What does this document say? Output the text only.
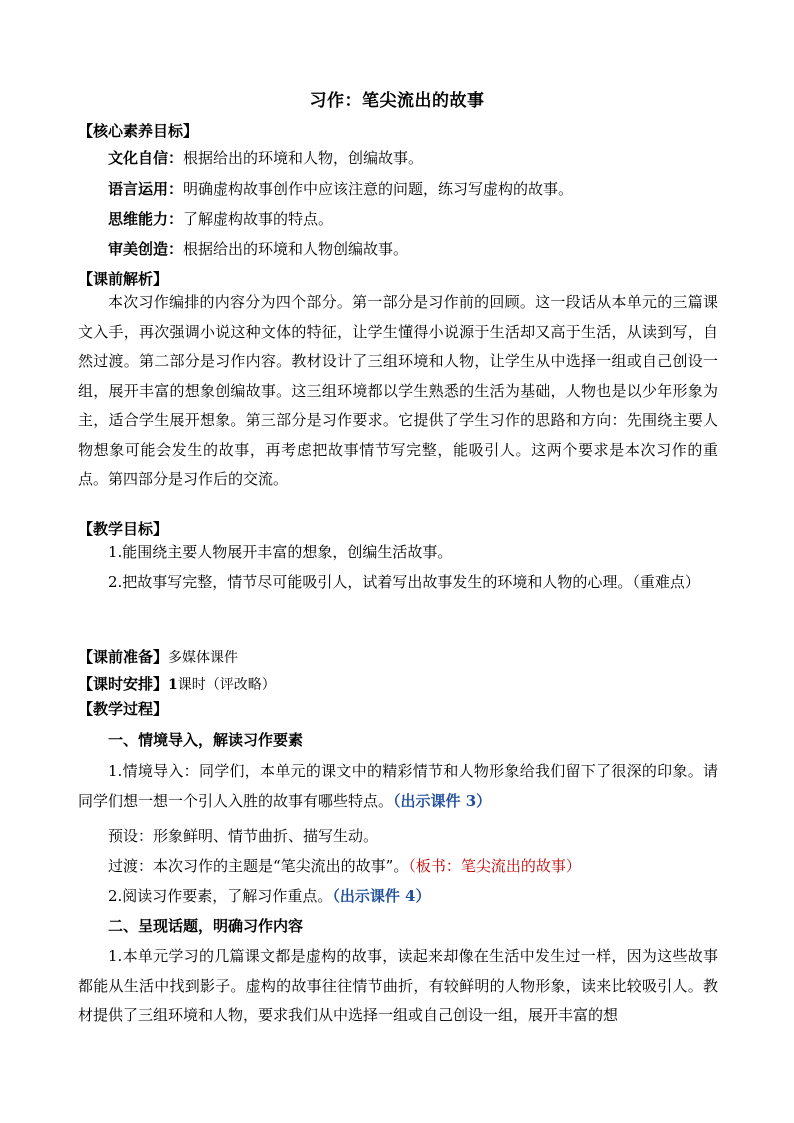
习作：笔尖流出的故事
【核心素养目标】
文化自信：根据给出的环境和人物，创编故事。
语言运用：明确虚构故事创作中应该注意的问题，练习写虚构的故事。
思维能力：了解虚构故事的特点。
审美创造：根据给出的环境和人物创编故事。
【课前解析】
本次习作编排的内容分为四个部分。第一部分是习作前的回顾。这一段话从本单元的三篇课文入手，再次强调小说这种文体的特征，让学生懂得小说源于生活却又高于生活，从读到写，自然过渡。第二部分是习作内容。教材设计了三组环境和人物，让学生从中选择一组或自己创设一组，展开丰富的想象创编故事。这三组环境都以学生熟悉的生活为基础，人物也是以少年形象为主，适合学生展开想象。第三部分是习作要求。它提供了学生习作的思路和方向：先围绕主要人物想象可能会发生的故事，再考虑把故事情节写完整，能吸引人。这两个要求是本次习作的重点。第四部分是习作后的交流。
【教学目标】
1.能围绕主要人物展开丰富的想象，创编生活故事。
2.把故事写完整，情节尽可能吸引人，试着写出故事发生的环境和人物的心理。（重难点）
【课前准备】多媒体课件
【课时安排】1课时（评改略）
【教学过程】
一、情境导入，解读习作要素
1.情境导入：同学们，本单元的课文中的精彩情节和人物形象给我们留下了很深的印象。请同学们想一想一个引人入胜的故事有哪些特点。（出示课件 3）
预设：形象鲜明、情节曲折、描写生动。
过渡：本次习作的主题是“笔尖流出的故事”。（板书：笔尖流出的故事）
2.阅读习作要素，了解习作重点。（出示课件 4）
二、呈现话题，明确习作内容
1.本单元学习的几篇课文都是虚构的故事，读起来却像在生活中发生过一样，因为这些故事都能从生活中找到影子。虚构的故事往往情节曲折，有较鲜明的人物形象，读来比较吸引人。教材提供了三组环境和人物，要求我们从中选择一组或自己创设一组，展开丰富的想
